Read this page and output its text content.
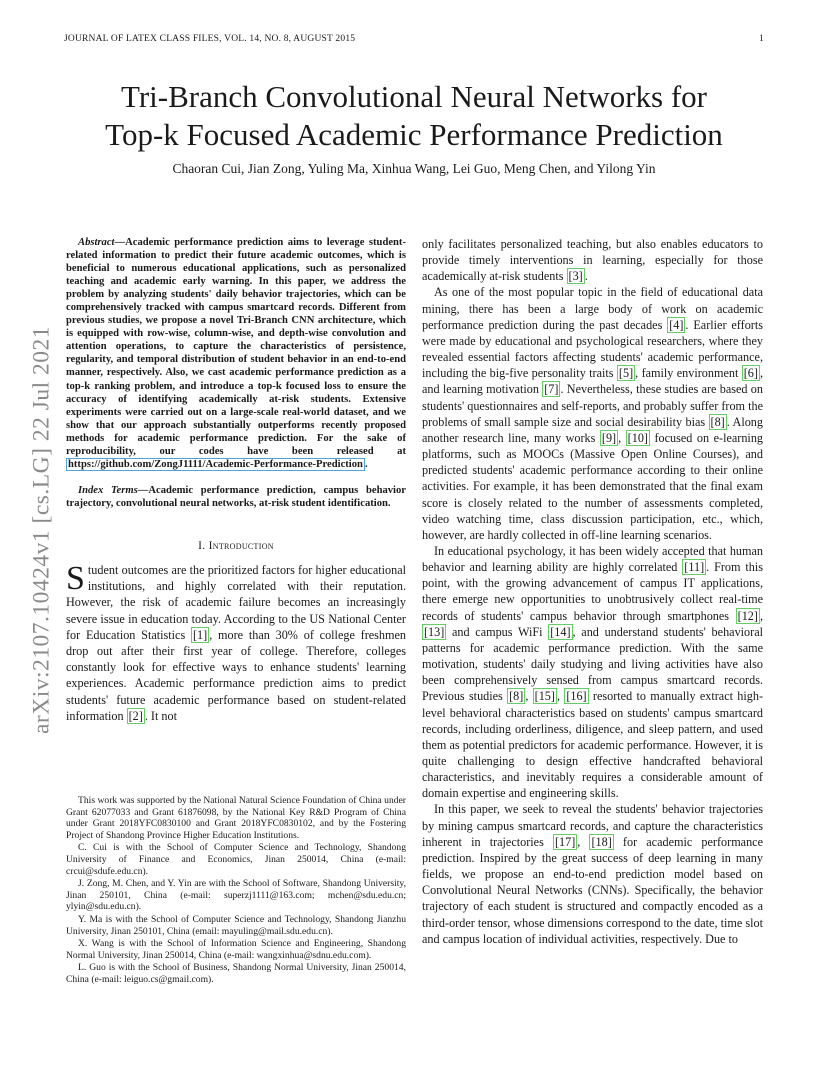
JOURNAL OF LATEX CLASS FILES, VOL. 14, NO. 8, AUGUST 2015	1
Tri-Branch Convolutional Neural Networks for
Top-k Focused Academic Performance Prediction
Chaoran Cui, Jian Zong, Yuling Ma, Xinhua Wang, Lei Guo, Meng Chen, and Yilong Yin
arXiv:2107.10424v1 [cs.LG] 22 Jul 2021

Abstract—Academic performance prediction aims to leverage student-related information to predict their future academic outcomes, which is beneficial to numerous educational applications, such as personalized teaching and academic early warning. In this paper, we address the problem by analyzing students' daily behavior trajectories, which can be comprehensively tracked with campus smartcard records. Different from previous studies, we propose a novel Tri-Branch CNN architecture, which is equipped with row-wise, column-wise, and depth-wise convolution and attention operations, to capture the characteristics of persistence, regularity, and temporal distribution of student behavior in an end-to-end manner, respectively. Also, we cast academic performance prediction as a top-k ranking problem, and introduce a top-k focused loss to ensure the accuracy of identifying academically at-risk students. Extensive experiments were carried out on a large-scale real-world dataset, and we show that our approach substantially outperforms recently proposed methods for academic performance prediction. For the sake of reproducibility, our codes have been released at https://github.com/ZongJ1111/Academic-Performance-Prediction .

Index Terms—Academic performance prediction, campus behavior trajectory, convolutional neural networks, at-risk student identification.

I. Introduction

Student outcomes are the prioritized factors for higher educational institutions, and highly correlated with their reputation. However, the risk of academic failure becomes an increasingly severe issue in education today. According to the US National Center for Education Statistics [1] , more than 30% of college freshmen drop out after their first year of college. Therefore, colleges constantly look for effective ways to enhance students' learning experiences. Academic performance prediction aims to predict students' future academic performance based on student-related information [2] . It not

This work was supported by the National Natural Science Foundation of China under Grant 62077033 and Grant 61876098, by the National Key R&D Program of China under Grant 2018YFC0830100 and Grant 2018YFC0830102, and by the Fostering Project of Shandong Province Higher Education Institutions.

C. Cui is with the School of Computer Science and Technology, Shandong University of Finance and Economics, Jinan 250014, China (e-mail: crcui@sdufe.edu.cn).

J. Zong, M. Chen, and Y. Yin are with the School of Software, Shandong University, Jinan 250101, China (e-mail: superzj1111@163.com; mchen@sdu.edu.cn; ylyin@sdu.edu.cn).

Y. Ma is with the School of Computer Science and Technology, Shandong Jianzhu University, Jinan 250101, China (email: mayuling@mail.sdu.edu.cn).

X. Wang is with the School of Information Science and Engineering, Shandong Normal University, Jinan 250014, China (e-mail: wangxinhua@sdnu.edu.com).

L. Guo is with the School of Business, Shandong Normal University, Jinan 250014, China (e-mail: leiguo.cs@gmail.com).

only facilitates personalized teaching, but also enables educators to provide timely interventions in learning, especially for those academically at-risk students [3] .

As one of the most popular topic in the field of educational data mining, there has been a large body of work on academic performance prediction during the past decades [4] . Earlier efforts were made by educational and psychological researchers, where they revealed essential factors affecting students' academic performance, including the big-five personality traits [5] , family environment [6] , and learning motivation [7] . Nevertheless, these studies are based on students' questionnaires and self-reports, and probably suffer from the problems of small sample size and social desirability bias [8] . Along another research line, many works [9] , [10] focused on e-learning platforms, such as MOOCs (Massive Open Online Courses), and predicted students' academic performance according to their online activities. For example, it has been demonstrated that the final exam score is closely related to the number of assessments completed, video watching time, class discussion participation, etc., which, however, are hardly collected in off-line learning scenarios.

In educational psychology, it has been widely accepted that human behavior and learning ability are highly correlated [11] . From this point, with the growing advancement of campus IT applications, there emerge new opportunities to unobtrusively collect real-time records of students' campus behavior through smartphones [12] , [13] and campus WiFi [14] , and understand students' behavioral patterns for academic performance prediction. With the same motivation, students' daily studying and living activities have also been comprehensively sensed from campus smartcard records. Previous studies [8] , [15] , [16] resorted to manually extract high-level behavioral characteristics based on students' campus smartcard records, including orderliness, diligence, and sleep pattern, and used them as potential predictors for academic performance. However, it is quite challenging to design effective handcrafted behavioral characteristics, and inevitably requires a considerable amount of domain expertise and engineering skills.

In this paper, we seek to reveal the students' behavior trajectories by mining campus smartcard records, and capture the characteristics inherent in trajectories [17] , [18] for academic performance prediction. Inspired by the great success of deep learning in many fields, we propose an end-to-end prediction model based on Convolutional Neural Networks (CNNs). Specifically, the behavior trajectory of each student is structured and compactly encoded as a third-order tensor, whose dimensions correspond to the date, time slot and campus location of individual activities, respectively. Due to
